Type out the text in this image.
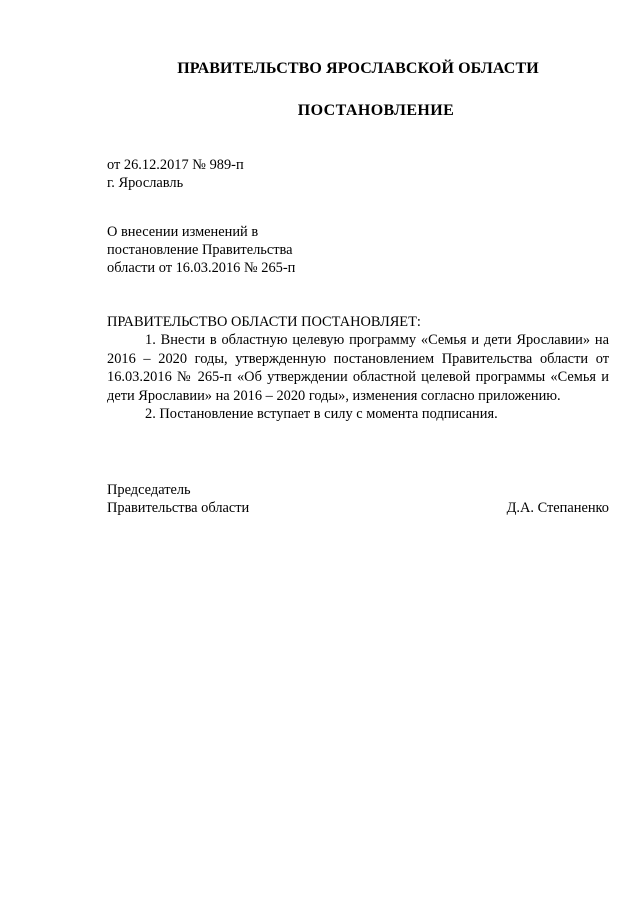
ПРАВИТЕЛЬСТВО ЯРОСЛАВСКОЙ ОБЛАСТИ
ПОСТАНОВЛЕНИЕ
от 26.12.2017 № 989-п
г. Ярославль
О внесении изменений в
постановление Правительства
области от 16.03.2016 № 265-п

ПРАВИТЕЛЬСТВО ОБЛАСТИ ПОСТАНОВЛЯЕТ:

1. Внести в областную целевую программу «Семья и дети Ярославии» на 2016 – 2020 годы, утвержденную постановлением Правительства области от 16.03.2016 № 265-п «Об утверждении областной целевой программы «Семья и дети Ярославии» на 2016 – 2020 годы», изменения согласно приложению.

2. Постановление вступает в силу с момента подписания.

Председатель
Правительства области	Д.А. Степаненко
